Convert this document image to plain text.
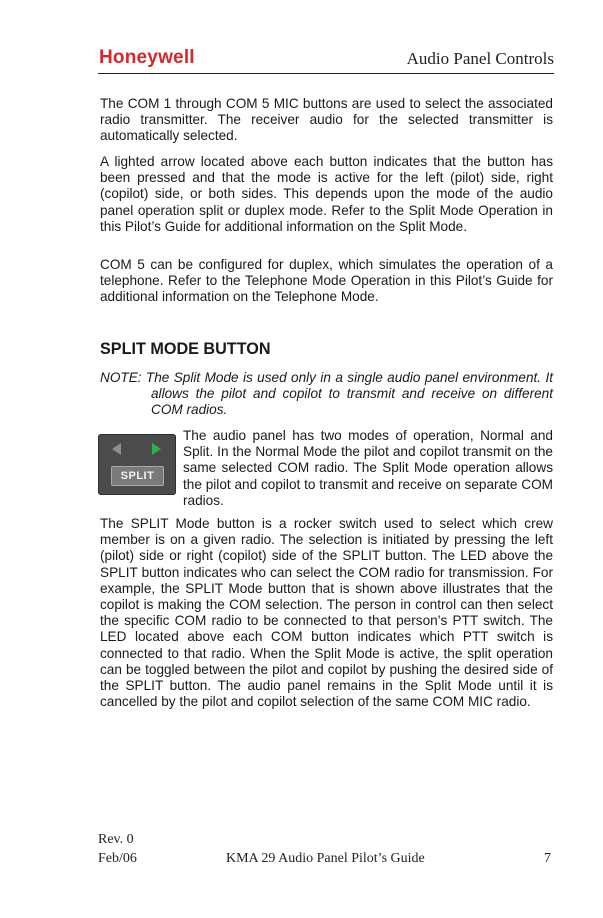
Honeywell	Audio Panel Controls

The COM 1 through COM 5 MIC buttons are used to select the associated radio transmitter. The receiver audio for the selected transmitter is automatically selected.

A lighted arrow located above each button indicates that the button has been pressed and that the mode is active for the left (pilot) side, right (copilot) side, or both sides. This depends upon the mode of the audio panel operation split or duplex mode. Refer to the Split Mode Operation in this Pilot’s Guide for additional information on the Split Mode.

COM 5 can be configured for duplex, which simulates the operation of a telephone. Refer to the Telephone Mode Operation in this Pilot’s Guide for additional information on the Telephone Mode.

SPLIT MODE BUTTON

NOTE: The Split Mode is used only in a single audio panel environment. It allows the pilot and copilot to transmit and receive on different COM radios.

SPLIT

The audio panel has two modes of operation, Normal and Split. In the Normal Mode the pilot and copilot transmit on the same selected COM radio. The Split Mode operation allows the pilot and copilot to transmit and receive on separate COM radios.

The SPLIT Mode button is a rocker switch used to select which crew member is on a given radio. The selection is initiated by pressing the left (pilot) side or right (copilot) side of the SPLIT button. The LED above the SPLIT button indicates who can select the COM radio for transmission. For example, the SPLIT Mode button that is shown above illustrates that the copilot is making the COM selection. The person in control can then select the specific COM radio to be connected to that person’s PTT switch. The LED located above each COM button indicates which PTT switch is connected to that radio. When the Split Mode is active, the split operation can be toggled between the pilot and copilot by pushing the desired side of the SPLIT button. The audio panel remains in the Split Mode until it is cancelled by the pilot and copilot selection of the same COM MIC radio.

Rev. 0
Feb/06	KMA 29 Audio Panel Pilot’s Guide	7
